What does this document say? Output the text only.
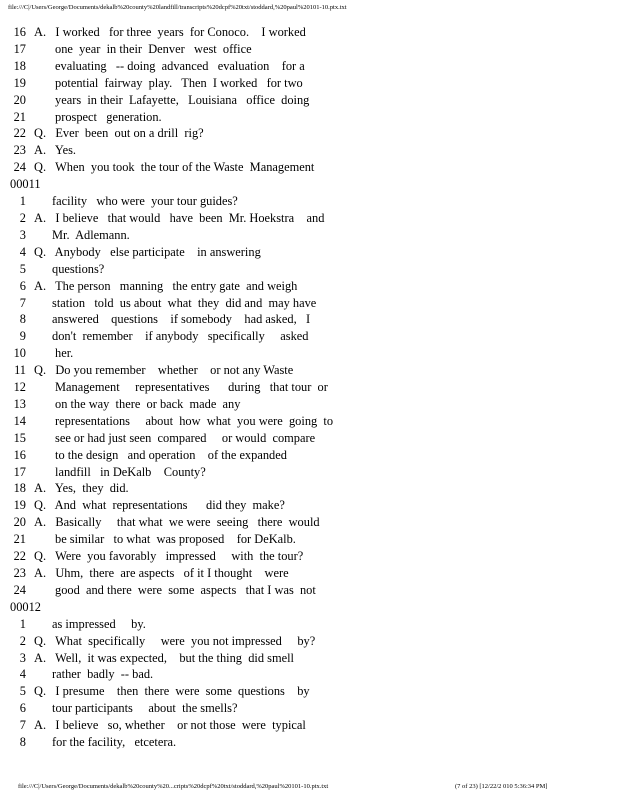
file:///C|/Users/George/Documents/dekalb%20county%20landfill/transcripts%20dcpf%20txt/stoddard,%20paul%20101-10.ptx.txt
16 A.   I worked   for three  years  for Conoco.    I worked
17 one  year  in their  Denver   west  office
18 evaluating   -- doing  advanced   evaluation    for a
19 potential  fairway  play.   Then  I worked   for two
20 years  in their  Lafayette,   Louisiana   office  doing
21 prospect   generation.
22 Q.   Ever  been  out on a drill  rig?
23 A.   Yes.
24 Q.   When  you took  the tour of the Waste  Management
00011
1 facility   who were  your tour guides?
2 A.   I believe   that would   have  been  Mr. Hoekstra    and
3 Mr.  Adlemann.
4 Q.   Anybody   else participate    in answering
5 questions?
6 A.   The person   manning   the entry gate  and weigh
7 station   told  us about  what  they  did and  may have
8 answered    questions    if somebody    had asked,   I
9 don't  remember    if anybody   specifically     asked
10 her.
11 Q.   Do you remember    whether    or not any Waste
12 Management     representatives      during   that tour  or
13 on the way  there  or back  made  any
14 representations     about  how  what  you were  going  to
15 see or had just seen  compared     or would  compare
16 to the design   and operation    of the expanded
17 landfill   in DeKalb    County?
18 A.   Yes,  they  did.
19 Q.   And  what  representations      did they  make?
20 A.   Basically     that what  we were  seeing   there  would
21 be similar   to what  was proposed    for DeKalb.
22 Q.   Were  you favorably   impressed     with  the tour?
23 A.   Uhm,  there  are aspects   of it I thought    were
24 good  and there  were  some  aspects   that I was  not
00012
1 as impressed     by.
2 Q.   What  specifically     were  you not impressed     by?
3 A.   Well,  it was expected,    but the thing  did smell
4 rather  badly  -- bad.
5 Q.   I presume    then  there  were  some  questions    by
6 tour participants     about  the smells?
7 A.   I believe   so, whether    or not those  were  typical
8 for the facility,   etcetera.
file:///C|/Users/George/Documents/dekalb%20county%20...cripts%20dcpf%20txt/stoddard,%20paul%20101-10.ptx.txt	(7 of 23) [12/22/2 010 5:36:34 PM]
